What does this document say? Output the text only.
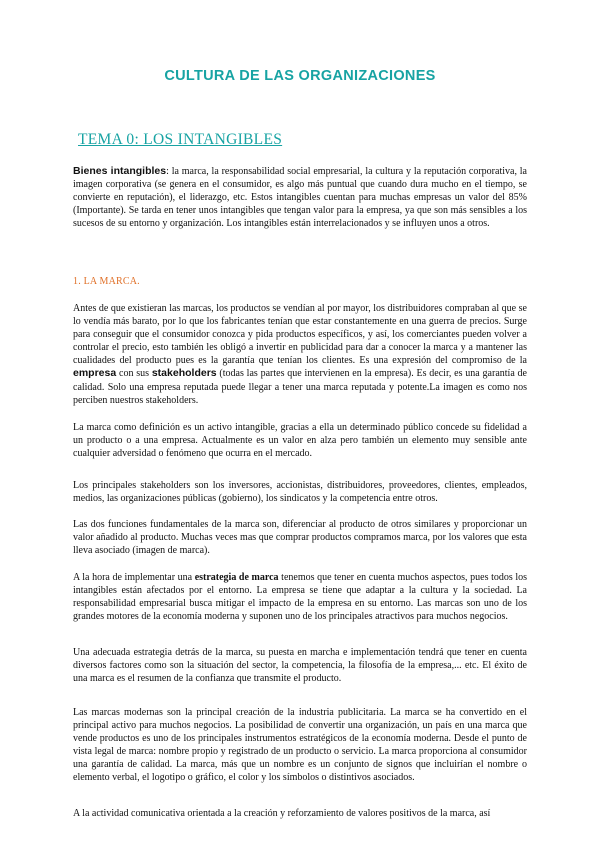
CULTURA DE LAS ORGANIZACIONES
TEMA 0: LOS INTANGIBLES
Bienes intangibles: la marca, la responsabilidad social empresarial, la cultura y la reputación corporativa, la imagen corporativa (se genera en el consumidor, es algo más puntual que cuando dura mucho en el tiempo, se convierte en reputación), el liderazgo, etc. Estos intangibles cuentan para muchas empresas un valor del 85% (Importante). Se tarda en tener unos intangibles que tengan valor para la empresa, ya que son más sensibles a los sucesos de su entorno y organización. Los intangibles están interrelacionados y se influyen unos a otros.
1. LA MARCA.
Antes de que existieran las marcas, los productos se vendían al por mayor, los distribuidores compraban al que se lo vendía más barato, por lo que los fabricantes tenían que estar constantemente en una guerra de precios. Surge para conseguir que el consumidor conozca y pida productos específicos, y así, los comerciantes pueden volver a controlar el precio, esto también les obligó a invertir en publicidad para dar a conocer la marca y a mantener las cualidades del producto pues es la garantía que tenían los clientes. Es una expresión del compromiso de la empresa con sus stakeholders (todas las partes que intervienen en la empresa). Es decir, es una garantía de calidad. Solo una empresa reputada puede llegar a tener una marca reputada y potente.La imagen es como nos perciben nuestros stakeholders.
La marca como definición es un activo intangible, gracias a ella un determinado público concede su fidelidad a un producto o a una empresa. Actualmente es un valor en alza pero también un elemento muy sensible ante cualquier adversidad o fenómeno que ocurra en el mercado.
Los principales stakeholders son los inversores, accionistas, distribuidores, proveedores, clientes, empleados, medios, las organizaciones públicas (gobierno), los sindicatos y la competencia entre otros.
Las dos funciones fundamentales de la marca son, diferenciar al producto de otros similares y proporcionar un valor añadido al producto. Muchas veces mas que comprar productos compramos marca, por los valores que esta lleva asociado (imagen de marca).
A la hora de implementar una estrategia de marca tenemos que tener en cuenta muchos aspectos, pues todos los intangibles están afectados por el entorno. La empresa se tiene que adaptar a la cultura y la sociedad. La responsabilidad empresarial busca mitigar el impacto de la empresa en su entorno. Las marcas son uno de los grandes motores de la economía moderna y suponen uno de los principales atractivos para muchos negocios.
Una adecuada estrategia detrás de la marca, su puesta en marcha e implementación tendrá que tener en cuenta diversos factores como son la situación del sector, la competencia, la filosofía de la empresa,... etc. El éxito de una marca es el resumen de la confianza que transmite el producto.
Las marcas modernas son la principal creación de la industria publicitaria. La marca se ha convertido en el principal activo para muchos negocios. La posibilidad de convertir una organización, un país en una marca que vende productos es uno de los principales instrumentos estratégicos de la economía moderna. Desde el punto de vista legal de marca: nombre propio y registrado de un producto o servicio. La marca proporciona al consumidor una garantía de calidad. La marca, más que un nombre es un conjunto de signos que incluirían el nombre o elemento verbal, el logotipo o gráfico, el color y los símbolos o distintivos asociados.
A la actividad comunicativa orientada a la creación y reforzamiento de valores positivos de la marca, así
